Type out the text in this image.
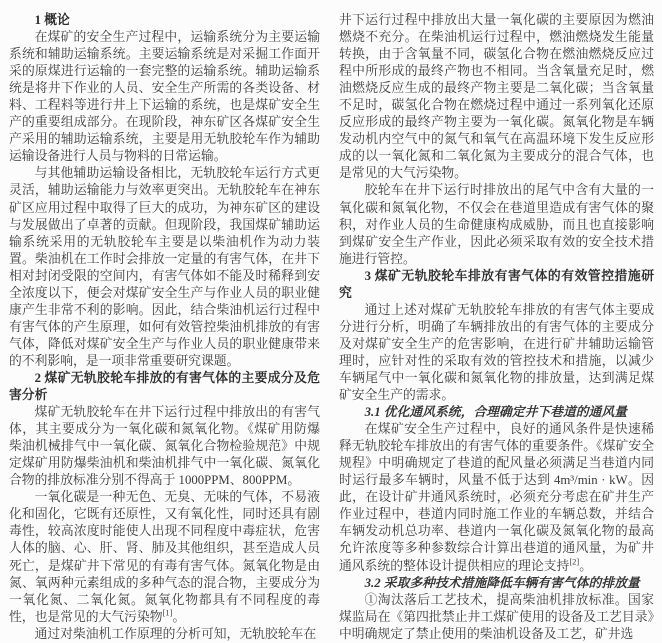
1 概论

在煤矿的安全生产过程中，运输系统分为主要运输系统和辅助运输系统。主要运输系统是对采掘工作面开采的原煤进行运输的一套完整的运输系统。辅助运输系统是将井下作业的人员、安全生产所需的各类设备、材料、工程料等进行井上下运输的系统，也是煤矿安全生产的重要组成部分。在现阶段，神东矿区各煤矿安全生产采用的辅助运输系统，主要是用无轨胶轮车作为辅助运输设备进行人员与物料的日常运输。

与其他辅助运输设备相比，无轨胶轮车运行方式更灵活，辅助运输能力与效率更突出。无轨胶轮车在神东矿区应用过程中取得了巨大的成功，为神东矿区的建设与发展做出了卓著的贡献。但现阶段，我国煤矿辅助运输系统采用的无轨胶轮车主要是以柴油机作为动力装置。柴油机在工作时会排放一定量的有害气体，在井下相对封闭受限的空间内，有害气体如不能及时稀释到安全浓度以下，便会对煤矿安全生产与作业人员的职业健康产生非常不利的影响。因此，结合柴油机运行过程中有害气体的产生原理，如何有效管控柴油机排放的有害气体，降低对煤矿安全生产与作业人员的职业健康带来的不利影响，是一项非常重要研究课题。

2 煤矿无轨胶轮车排放的有害气体的主要成分及危害分析

煤矿无轨胶轮车在井下运行过程中排放出的有害气体，其主要成分为一氧化碳和氮氧化物。《煤矿用防爆柴油机械排气中一氧化碳、氮氧化合物检验规范》中规定煤矿用防爆柴油机和柴油机排气中一氧化碳、氮氧化合物的排放标准分别不得高于 1000PPM、800PPM。

一氧化碳是一种无色、无臭、无味的气体，不易液化和固化，它既有还原性，又有氧化性，同时还具有剧毒性，较高浓度时能使人出现不同程度中毒症状，危害人体的脑、心、肝、肾、肺及其他组织，甚至造成人员死亡，是煤矿井下常见的有毒有害气体。氮氧化物是由氮、氧两种元素组成的多种气态的混合物，主要成分为一氧化氮、二氧化氮。氮氧化物都具有不同程度的毒性，也是常见的大气污染物[1]。

通过对柴油机工作原理的分析可知，无轨胶轮车在

井下运行过程中排放出大量一氧化碳的主要原因为燃油燃烧不充分。在柴油机运行过程中，燃油燃烧发生能量转换，由于含氧量不同，碳氢化合物在燃油燃烧反应过程中所形成的最终产物也不相同。当含氧量充足时，燃油燃烧反应生成的最终产物主要是二氧化碳；当含氧量不足时，碳氢化合物在燃烧过程中通过一系列氧化还原反应形成的最终产物主要为一氧化碳。氮氧化物是车辆发动机内空气中的氮气和氧气在高温环境下发生反应形成的以一氧化氮和二氧化氮为主要成分的混合气体，也是常见的大气污染物。

胶轮车在井下运行时排放出的尾气中含有大量的一氧化碳和氮氧化物，不仅会在巷道里造成有害气体的聚积，对作业人员的生命健康构成威胁，而且也直接影响到煤矿安全生产作业，因此必须采取有效的安全技术措施进行管控。

3 煤矿无轨胶轮车排放有害气体的有效管控措施研究

通过上述对煤矿无轨胶轮车排放的有害气体主要成分进行分析，明确了车辆排放出的有害气体的主要成分及对煤矿安全生产的危害影响，在进行矿井辅助运输管理时，应针对性的采取有效的管控技术和措施，以减少车辆尾气中一氧化碳和氮氧化物的排放量，达到满足煤矿安全生产的需求。

3.1 优化通风系统，合理确定井下巷道的通风量

在煤矿安全生产过程中，良好的通风条件是快速稀释无轨胶轮车排放出的有害气体的重要条件。《煤矿安全规程》中明确规定了巷道的配风量必须满足当巷道内同时运行最多车辆时，风量不低于达到 4m³/min · kW。因此，在设计矿井通风系统时，必须充分考虑在矿井生产作业过程中，巷道内同时施工作业的车辆总数，并结合车辆发动机总功率、巷道内一氧化碳及氮氧化物的最高允许浓度等多种参数综合计算出巷道的通风量，为矿井通风系统的整体设计提供相应的理论支持[2]。

3.2 采取多种技术措施降低车辆有害气体的排放量

①淘汰落后工艺技术，提高柴油机排放标准。国家煤监局在《第四批禁止井工煤矿使用的设备及工艺目录》中明确规定了禁止使用的柴油机设备及工艺，矿井选
